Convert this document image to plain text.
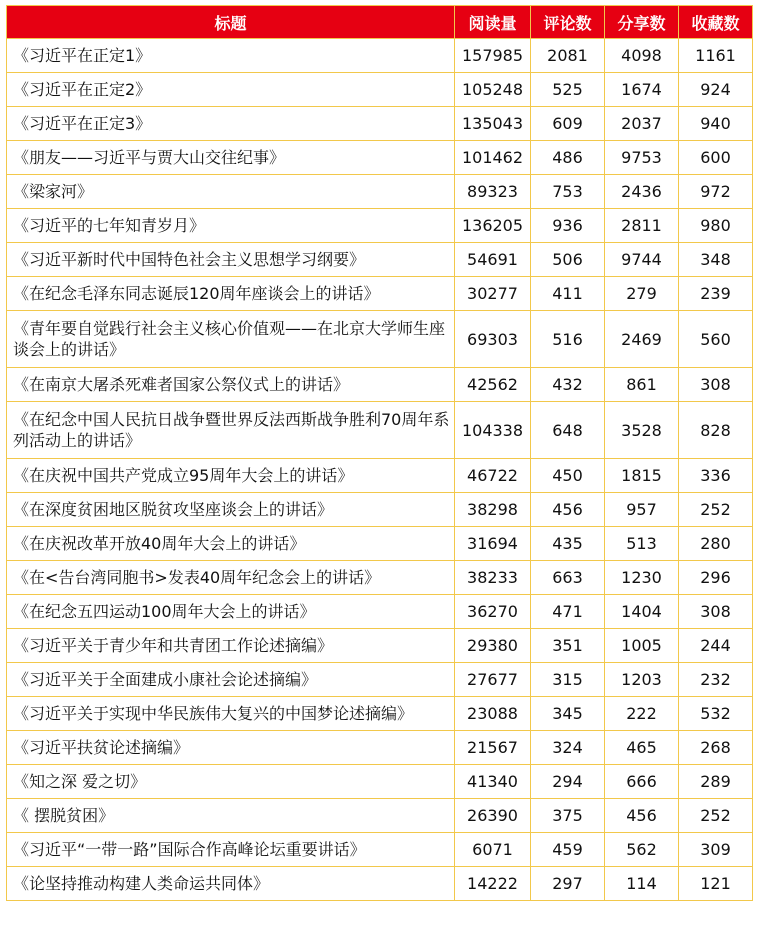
标题	阅读量	评论数	分享数	收藏数
《习近平在正定1》	157985	2081	4098	1161
《习近平在正定2》	105248	525	1674	924
《习近平在正定3》	135043	609	2037	940
《朋友——习近平与贾大山交往纪事》	101462	486	9753	600
《梁家河》	89323	753	2436	972
《习近平的七年知青岁月》	136205	936	2811	980
《习近平新时代中国特色社会主义思想学习纲要》	54691	506	9744	348
《在纪念毛泽东同志诞辰120周年座谈会上的讲话》	30277	411	279	239
《青年要自觉践行社会主义核心价值观——在北京大学师生座谈会上的讲话》	69303	516	2469	560
《在南京大屠杀死难者国家公祭仪式上的讲话》	42562	432	861	308
《在纪念中国人民抗日战争暨世界反法西斯战争胜利70周年系列活动上的讲话》	104338	648	3528	828
《在庆祝中国共产党成立95周年大会上的讲话》	46722	450	1815	336
《在深度贫困地区脱贫攻坚座谈会上的讲话》	38298	456	957	252
《在庆祝改革开放40周年大会上的讲话》	31694	435	513	280
《在<告台湾同胞书>发表40周年纪念会上的讲话》	38233	663	1230	296
《在纪念五四运动100周年大会上的讲话》	36270	471	1404	308
《习近平关于青少年和共青团工作论述摘编》	29380	351	1005	244
《习近平关于全面建成小康社会论述摘编》	27677	315	1203	232
《习近平关于实现中华民族伟大复兴的中国梦论述摘编》	23088	345	222	532
《习近平扶贫论述摘编》	21567	324	465	268
《知之深 爱之切》	41340	294	666	289
《 摆脱贫困》	26390	375	456	252
《习近平“一带一路”国际合作高峰论坛重要讲话》	6071	459	562	309
《论坚持推动构建人类命运共同体》	14222	297	114	121
